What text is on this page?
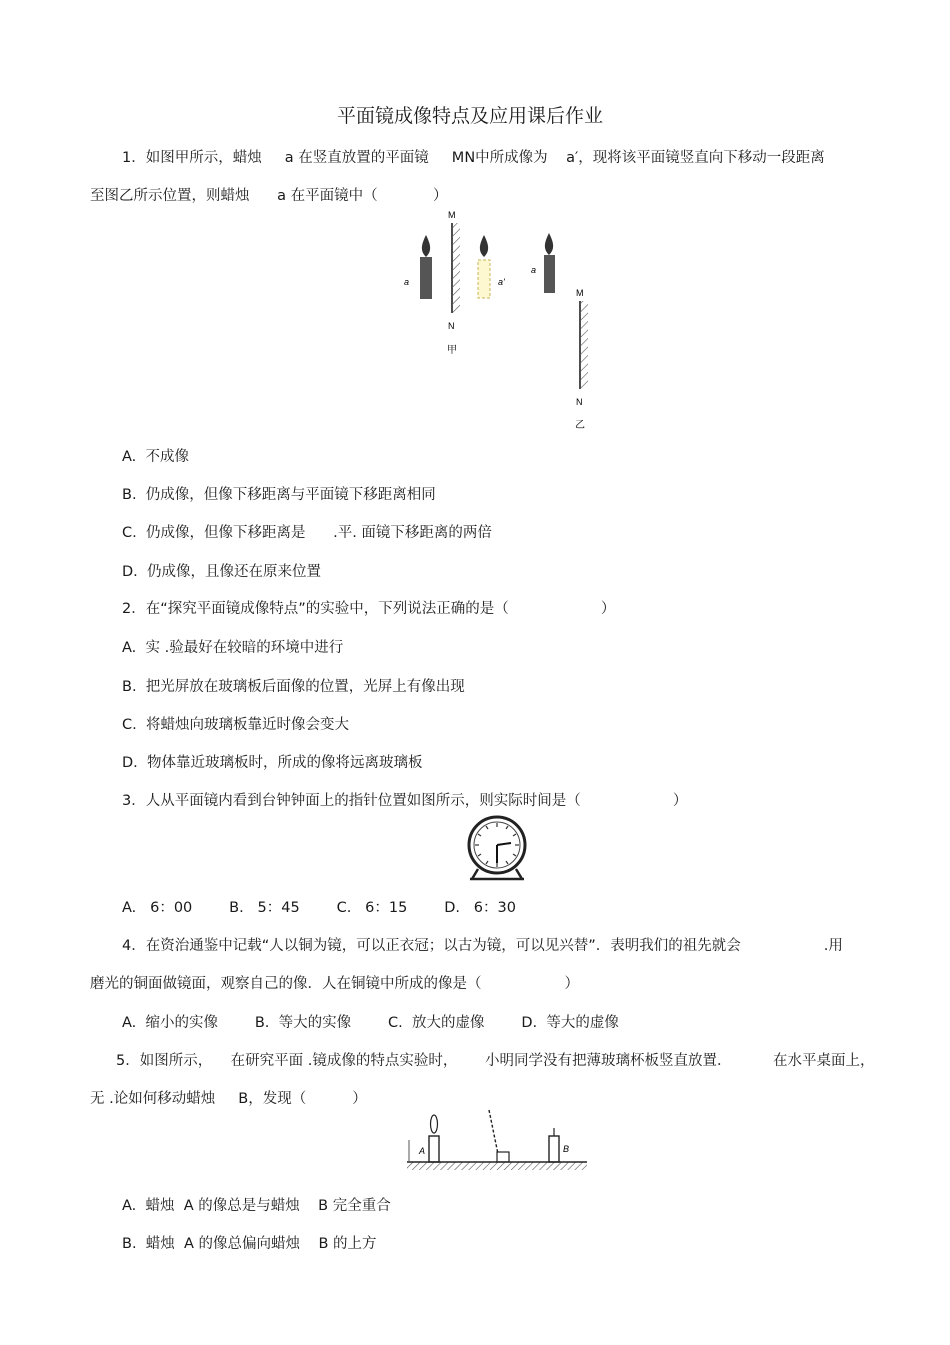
平面镜成像特点及应用课后作业
1．如图甲所示，蜡烛     a 在竖直放置的平面镜     MN中所成像为    a′，现将该平面镜竖直向下移动一段距离
至图乙所示位置，则蜡烛      a 在平面镜中（            ）
a
M
N
甲
a'
a
M
N
乙
A.  不成像
B.  仍成像，但像下移距离与平面镜下移距离相同
C.  仍成像，但像下移距离是      .平. 面镜下移距离的两倍
D.  仍成像，且像还在原来位置
2．在“探究平面镜成像特点”的实验中，下列说法正确的是（                    ）
A.  实 .验最好在较暗的环境中进行
B.  把光屏放在玻璃板后面像的位置，光屏上有像出现
C.  将蜡烛向玻璃板靠近时像会变大
D.  物体靠近玻璃板时，所成的像将远离玻璃板
3．人从平面镜内看到台钟钟面上的指针位置如图所示，则实际时间是（                    ）
A.   6：00        B.   5：45        C.   6：15        D.   6：30
4．在资治通鉴中记载“人以铜为镜，可以正衣冠；以古为镜，可以见兴替”．表明我们的祖先就会                  .用
磨光的铜面做镜面，观察自己的像．人在铜镜中所成的像是（                  ）
A.  缩小的实像        B.  等大的实像        C.  放大的虚像        D.  等大的虚像
5．如图所示，    在研究平面 .镜成像的特点实验时，      小明同学没有把薄玻璃杯板竖直放置．         在水平桌面上，
无 .论如何移动蜡烛     B，发现（          ）
A	B
A.  蜡烛  A 的像总是与蜡烛    B 完全重合
B.  蜡烛  A 的像总偏向蜡烛    B 的上方
